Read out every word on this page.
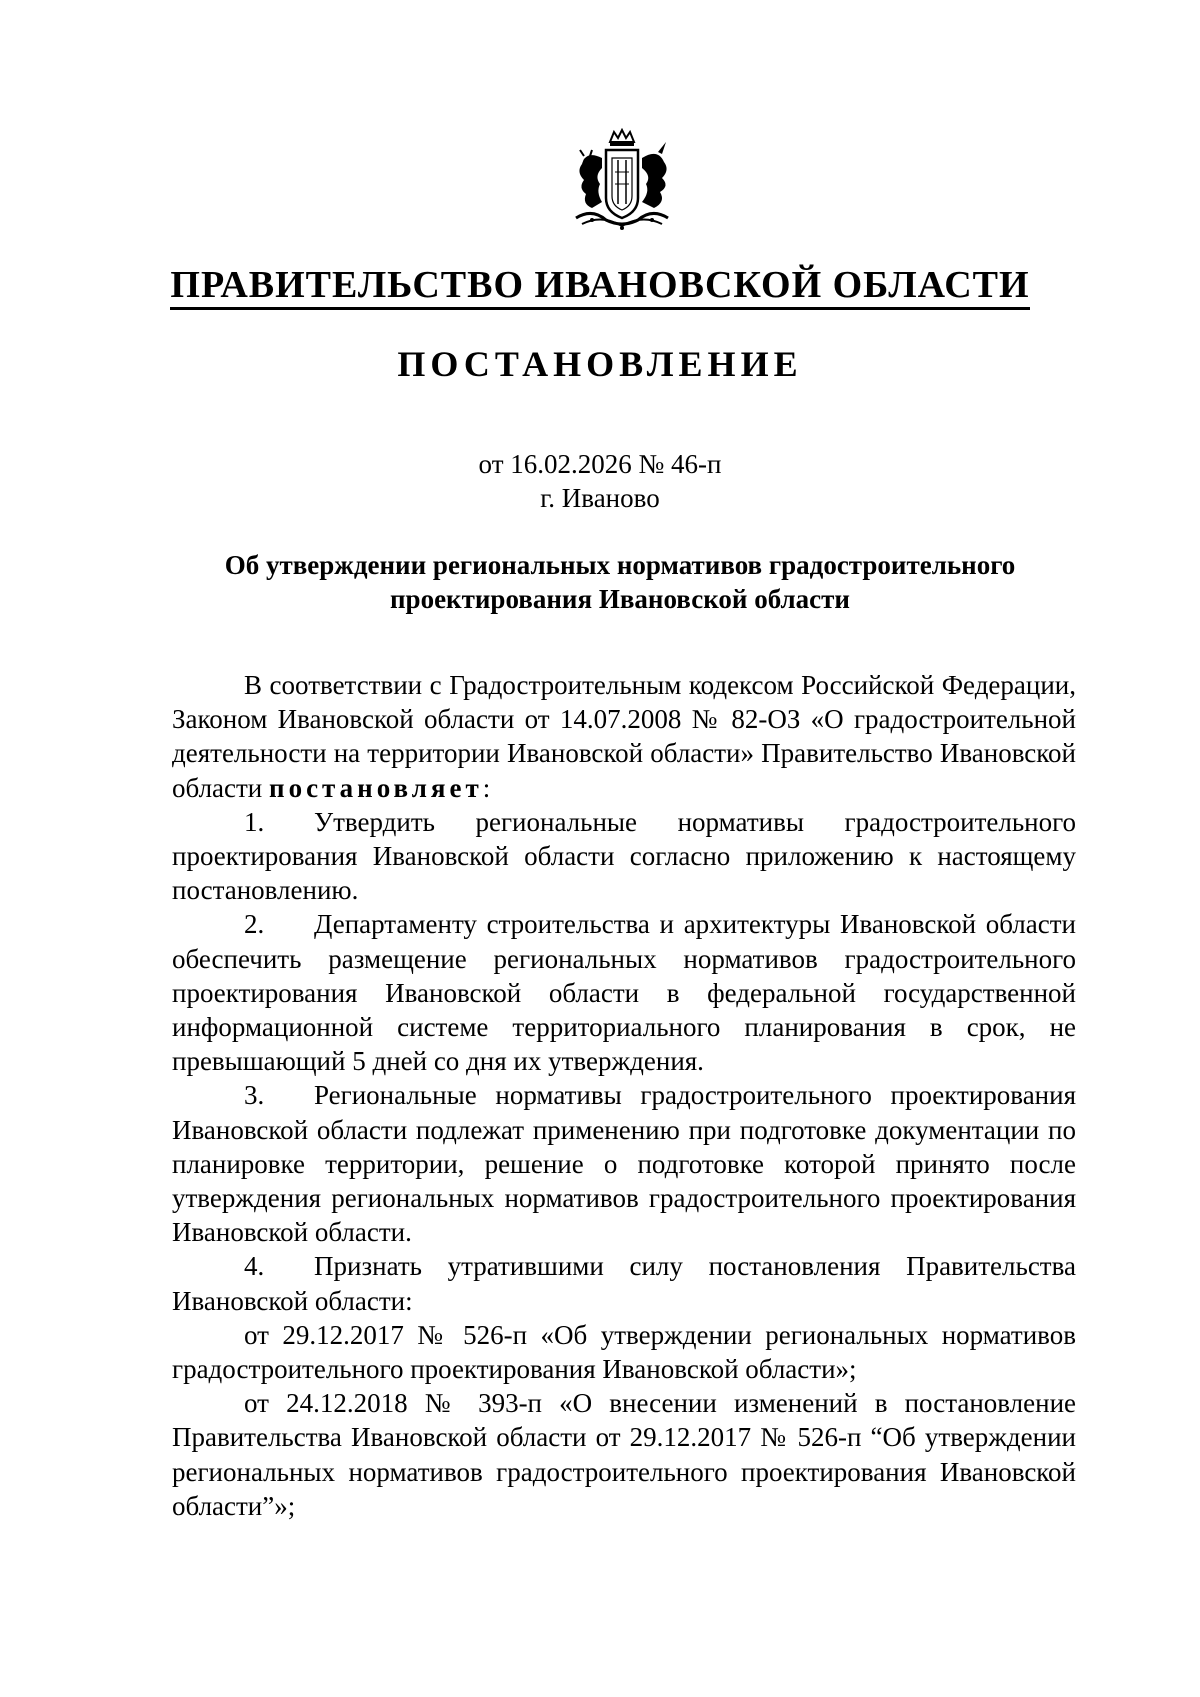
ПРАВИТЕЛЬСТВО ИВАНОВСКОЙ ОБЛАСТИ
ПОСТАНОВЛЕНИЕ
от 16.02.2026 № 46-п
г. Иваново
Об утверждении региональных нормативов градостроительного
проектирования Ивановской области

В соответствии с Градостроительным кодексом Российской Федерации, Законом Ивановской области от 14.07.2008 № 82-ОЗ «О градостроительной деятельности на территории Ивановской области» Правительство Ивановской области постановляет:

1. Утвердить региональные нормативы градостроительного проектирования Ивановской области согласно приложению к настоящему постановлению.

2. Департаменту строительства и архитектуры Ивановской области обеспечить размещение региональных нормативов градостроительного проектирования Ивановской области в федеральной государственной информационной системе территориального планирования в срок, не превышающий 5 дней со дня их утверждения.

3. Региональные нормативы градостроительного проектирования Ивановской области подлежат применению при подготовке документации по планировке территории, решение о подготовке которой принято после утверждения региональных нормативов градостроительного проектирования Ивановской области.

4. Признать утратившими силу постановления Правительства Ивановской области:

от 29.12.2017 № 526-п «Об утверждении региональных нормативов градостроительного проектирования Ивановской области»;

от 24.12.2018 № 393-п «О внесении изменений в постановление Правительства Ивановской области от 29.12.2017 № 526-п “Об утверждении региональных нормативов градостроительного проектирования Ивановской области”»;
